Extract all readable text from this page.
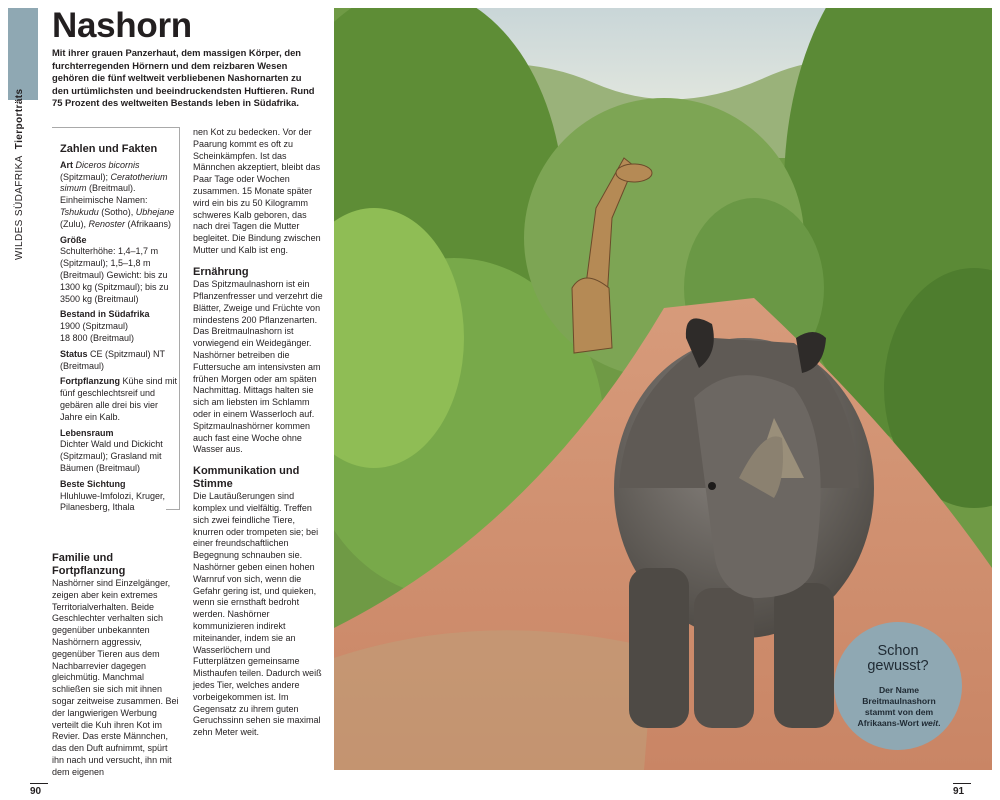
WILDES SÜDAFRIKATierporträts
Nashorn

Mit ihrer grauen Panzerhaut, dem massigen Körper, den furchterregenden Hörnern und dem reizbaren Wesen gehören die fünf weltweit verbliebenen Nashornarten zu den urtümlichsten und beeindruckendsten Huftieren. Rund 75 Prozent des weltweiten Bestands leben in Südafrika.

Zahlen und Fakten
Art Diceros bicornis (Spitzmaul); Ceratotherium simum (Breitmaul).
Einheimische Namen: Tshukudu (Sotho), Ubhejane (Zulu), Renoster (Afrikaans)
Größe
Schulterhöhe: 1,4–1,7 m (Spitzmaul); 1,5–1,8 m (Breitmaul) Gewicht: bis zu 1300 kg (Spitzmaul); bis zu 3500 kg (Breitmaul)
Bestand in Südafrika
1900 (Spitzmaul)
18 800 (Breitmaul)
Status CE (Spitzmaul) NT (Breitmaul)
Fortpflanzung Kühe sind mit fünf geschlechtsreif und gebären alle drei bis vier Jahre ein Kalb.
Lebensraum
Dichter Wald und Dickicht (Spitzmaul); Grasland mit Bäumen (Breitmaul)
Beste Sichtung
Hluhluwe-Imfolozi, Kruger, Pilanesberg, Ithala
Familie und Fortpflanzung
Nashörner sind Einzelgänger, zeigen aber kein extremes Territorialverhalten. Beide Geschlechter verhalten sich gegenüber unbekannten Nashörnern aggressiv, gegenüber Tieren aus dem Nachbarrevier dagegen gleichmütig. Manchmal schließen sie sich mit ihnen sogar zeitweise zusammen. Bei der langwierigen Werbung verteilt die Kuh ihren Kot im Revier. Das erste Männchen, das den Duft aufnimmt, spürt ihn nach und versucht, ihn mit dem eigenen
nen Kot zu bedecken. Vor der Paarung kommt es oft zu Scheinkämpfen. Ist das Männchen akzeptiert, bleibt das Paar Tage oder Wochen zusammen. 15 Monate später wird ein bis zu 50 Kilogramm schweres Kalb geboren, das nach drei Tagen die Mutter begleitet. Die Bindung zwischen Mutter und Kalb ist eng.
Ernährung
Das Spitzmaulnashorn ist ein Pflanzenfresser und verzehrt die Blätter, Zweige und Früchte von mindestens 200 Pflanzenarten. Das Breitmaulnashorn ist vorwiegend ein Weidegänger. Nashörner betreiben die Futtersuche am intensivsten am frühen Morgen oder am späten Nachmittag. Mittags halten sie sich am liebsten im Schlamm oder in einem Wasserloch auf. Spitzmaulnashörner kommen auch fast eine Woche ohne Wasser aus.
Kommunikation und Stimme
Die Lautäußerungen sind komplex und vielfältig. Treffen sich zwei feindliche Tiere, knurren oder trompeten sie; bei einer freundschaftlichen Begegnung schnauben sie. Nashörner geben einen hohen Warnruf von sich, wenn die Gefahr gering ist, und quieken, wenn sie ernsthaft bedroht werden. Nashörner kommunizieren indirekt miteinander, indem sie an Wasserlöchern und Futterplätzen gemeinsame Misthaufen teilen. Dadurch weiß jedes Tier, welches andere vorbeigekommen ist. Im Gegensatz zu ihrem guten Geruchssinn sehen sie maximal zehn Meter weit.
90	91
Schon
gewusst?
Der Name Breitmaulnashorn stammt von dem Afrikaans-Wort weit.
